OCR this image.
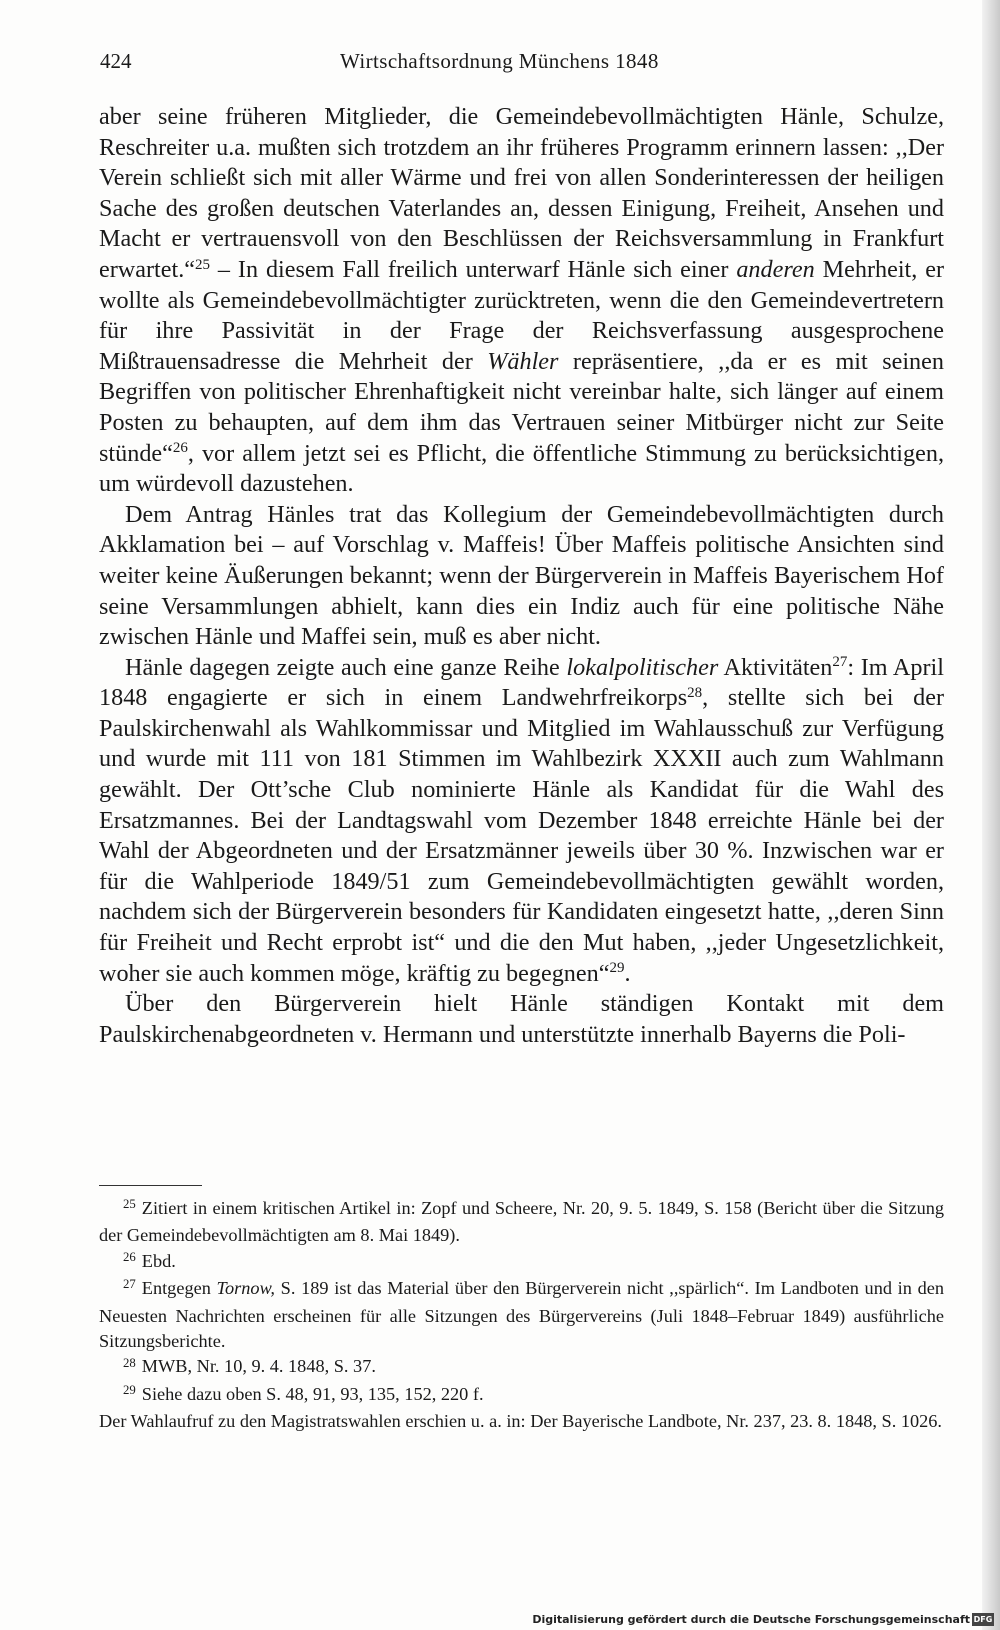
424	Wirtschaftsordnung Münchens 1848

aber seine früheren Mitglieder, die Gemeindebevollmächtigten Hänle, Schulze, Reschreiter u.a. mußten sich trotzdem an ihr früheres Programm erinnern lassen: ,,Der Verein schließt sich mit aller Wärme und frei von allen Sonderinteressen der heiligen Sache des großen deutschen Vaterlandes an, dessen Einigung, Freiheit, Ansehen und Macht er vertrauensvoll von den Beschlüssen der Reichsversammlung in Frankfurt erwartet.“$^{25}$ – In diesem Fall freilich unterwarf Hänle sich einer anderen Mehrheit, er wollte als Gemeindebevollmächtigter zurücktreten, wenn die den Gemeindevertretern für ihre Passivität in der Frage der Reichsverfassung ausgesprochene Mißtrauensadresse die Mehrheit der Wähler repräsentiere, ,,da er es mit seinen Begriffen von politischer Ehrenhaftigkeit nicht vereinbar halte, sich länger auf einem Posten zu behaupten, auf dem ihm das Vertrauen seiner Mitbürger nicht zur Seite stünde“$^{26}$, vor allem jetzt sei es Pflicht, die öffentliche Stimmung zu berücksichtigen, um würdevoll dazustehen.

Dem Antrag Hänles trat das Kollegium der Gemeindebevollmächtigten durch Akklamation bei – auf Vorschlag v. Maffeis! Über Maffeis politische Ansichten sind weiter keine Äußerungen bekannt; wenn der Bürgerverein in Maffeis Bayerischem Hof seine Versammlungen abhielt, kann dies ein Indiz auch für eine politische Nähe zwischen Hänle und Maffei sein, muß es aber nicht.

Hänle dagegen zeigte auch eine ganze Reihe lokalpolitischer Aktivitäten$^{27}$: Im April 1848 engagierte er sich in einem Landwehrfreikorps$^{28}$, stellte sich bei der Paulskirchenwahl als Wahlkommissar und Mitglied im Wahlausschuß zur Verfügung und wurde mit 111 von 181 Stimmen im Wahlbezirk XXXII auch zum Wahlmann gewählt. Der Ott’sche Club nominierte Hänle als Kandidat für die Wahl des Ersatzmannes. Bei der Landtagswahl vom Dezember 1848 erreichte Hänle bei der Wahl der Abgeordneten und der Ersatzmänner jeweils über 30 %. Inzwischen war er für die Wahlperiode 1849/51 zum Gemeindebevollmächtigten gewählt worden, nachdem sich der Bürgerverein besonders für Kandidaten eingesetzt hatte, ,,deren Sinn für Freiheit und Recht erprobt ist“ und die den Mut haben, ,,jeder Ungesetzlichkeit, woher sie auch kommen möge, kräftig zu begegnen“$^{29}$.

Über den Bürgerverein hielt Hänle ständigen Kontakt mit dem Paulskirchenabgeordneten v. Hermann und unterstützte innerhalb Bayerns die Poli-

$^{25}$ Zitiert in einem kritischen Artikel in: Zopf und Scheere, Nr. 20, 9. 5. 1849, S. 158 (Bericht über die Sitzung der Gemeindebevollmächtigten am 8. Mai 1849).

$^{26}$ Ebd.

$^{27}$ Entgegen Tornow, S. 189 ist das Material über den Bürgerverein nicht ,,spärlich“. Im Landboten und in den Neuesten Nachrichten erscheinen für alle Sitzungen des Bürgervereins (Juli 1848–Februar 1849) ausführliche Sitzungsberichte.

$^{28}$ MWB, Nr. 10, 9. 4. 1848, S. 37.

$^{29}$ Siehe dazu oben S. 48, 91, 93, 135, 152, 220 f.

Der Wahlaufruf zu den Magistratswahlen erschien u. a. in: Der Bayerische Landbote, Nr. 237, 23. 8. 1848, S. 1026.

Digitalisierung gefördert durch die Deutsche Forschungsgemeinschaft DFG
